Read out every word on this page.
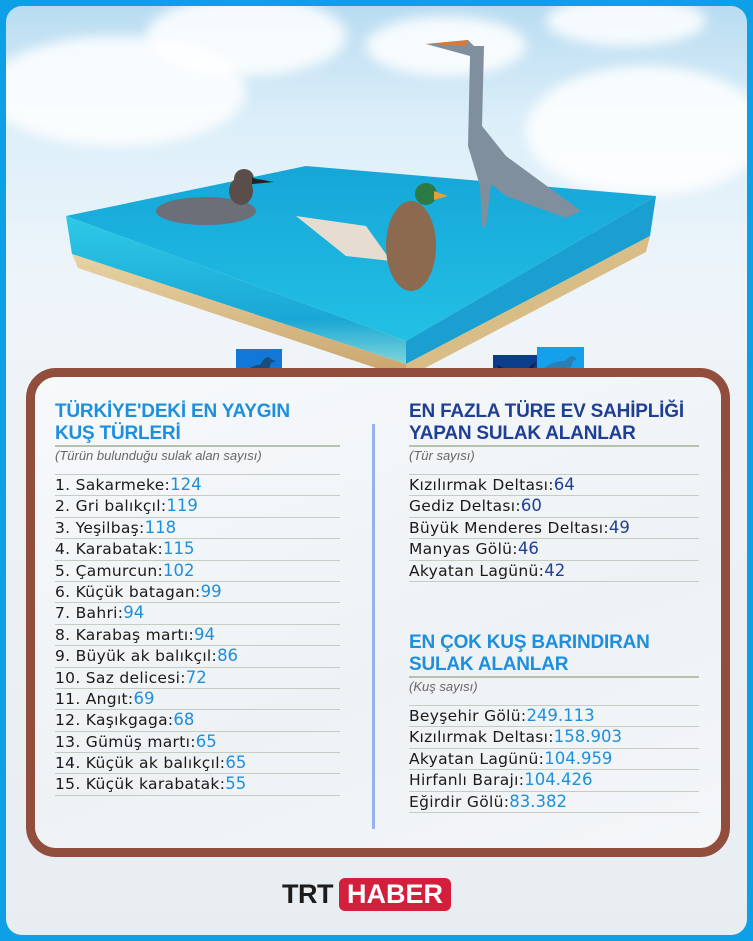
TÜRKİYE'DEKİ EN YAYGIN
KUŞ TÜRLERİ
(Türün bulunduğu sulak alan sayısı)
1. Sakarmeke:124
2. Gri balıkçıl:119
3. Yeşilbaş:118
4. Karabatak:115
5. Çamurcun:102
6. Küçük batagan:99
7. Bahri:94
8. Karabaş martı:94
9. Büyük ak balıkçıl:86
10. Saz delicesi:72
11. Angıt:69
12. Kaşıkgaga:68
13. Gümüş martı:65
14. Küçük ak balıkçıl:65
15. Küçük karabatak:55
EN FAZLA TÜRE EV SAHİPLİĞİ
YAPAN SULAK ALANLAR
(Tür sayısı)
Kızılırmak Deltası:64
Gediz Deltası:60
Büyük Menderes Deltası:49
Manyas Gölü:46
Akyatan Lagünü:42
EN ÇOK KUŞ BARINDIRAN
SULAK ALANLAR
(Kuş sayısı)
Beyşehir Gölü:249.113
Kızılırmak Deltası:158.903
Akyatan Lagünü:104.959
Hirfanlı Barajı:104.426
Eğirdir Gölü:83.382
TRT HABER
